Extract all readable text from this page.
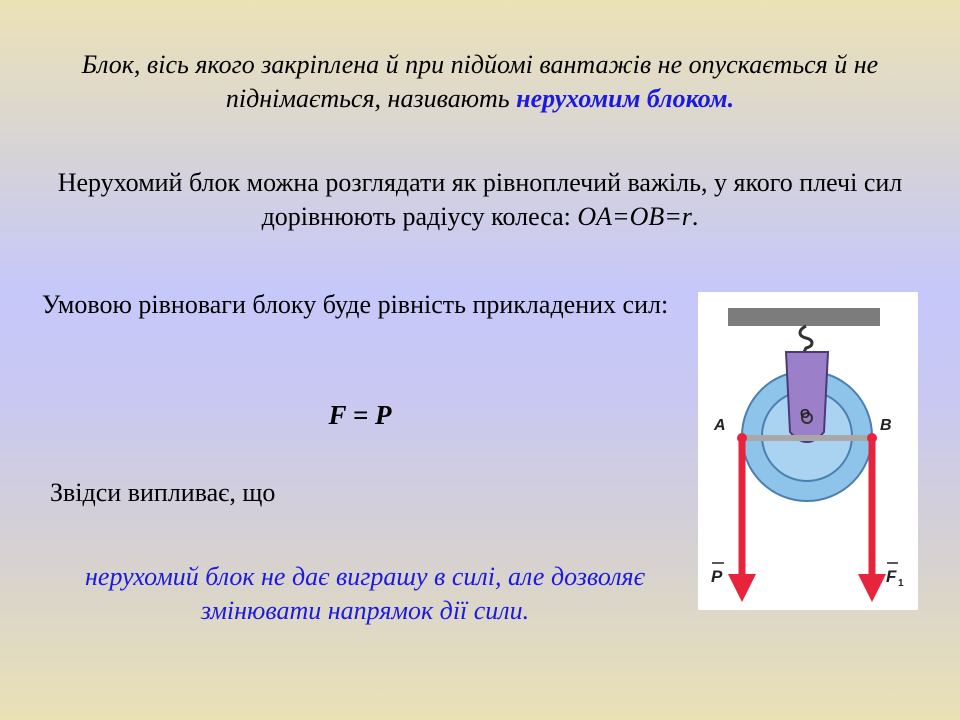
Блок, вісь якого закріплена й при підйомі вантажів не опускається й не піднімається, називають нерухомим блоком.
Нерухомий блок можна розглядати як рівноплечий важіль, у якого плечі сил дорівнюють радіусу колеса: OA=OB=r.
Умовою рівноваги блоку буде рівність прикладених сил:
F = P
Звідси випливає, що
нерухомий блок не дає виграшу в силі, але дозволяє змінювати напрямок дії сили.
A	B
O
P	F 1
